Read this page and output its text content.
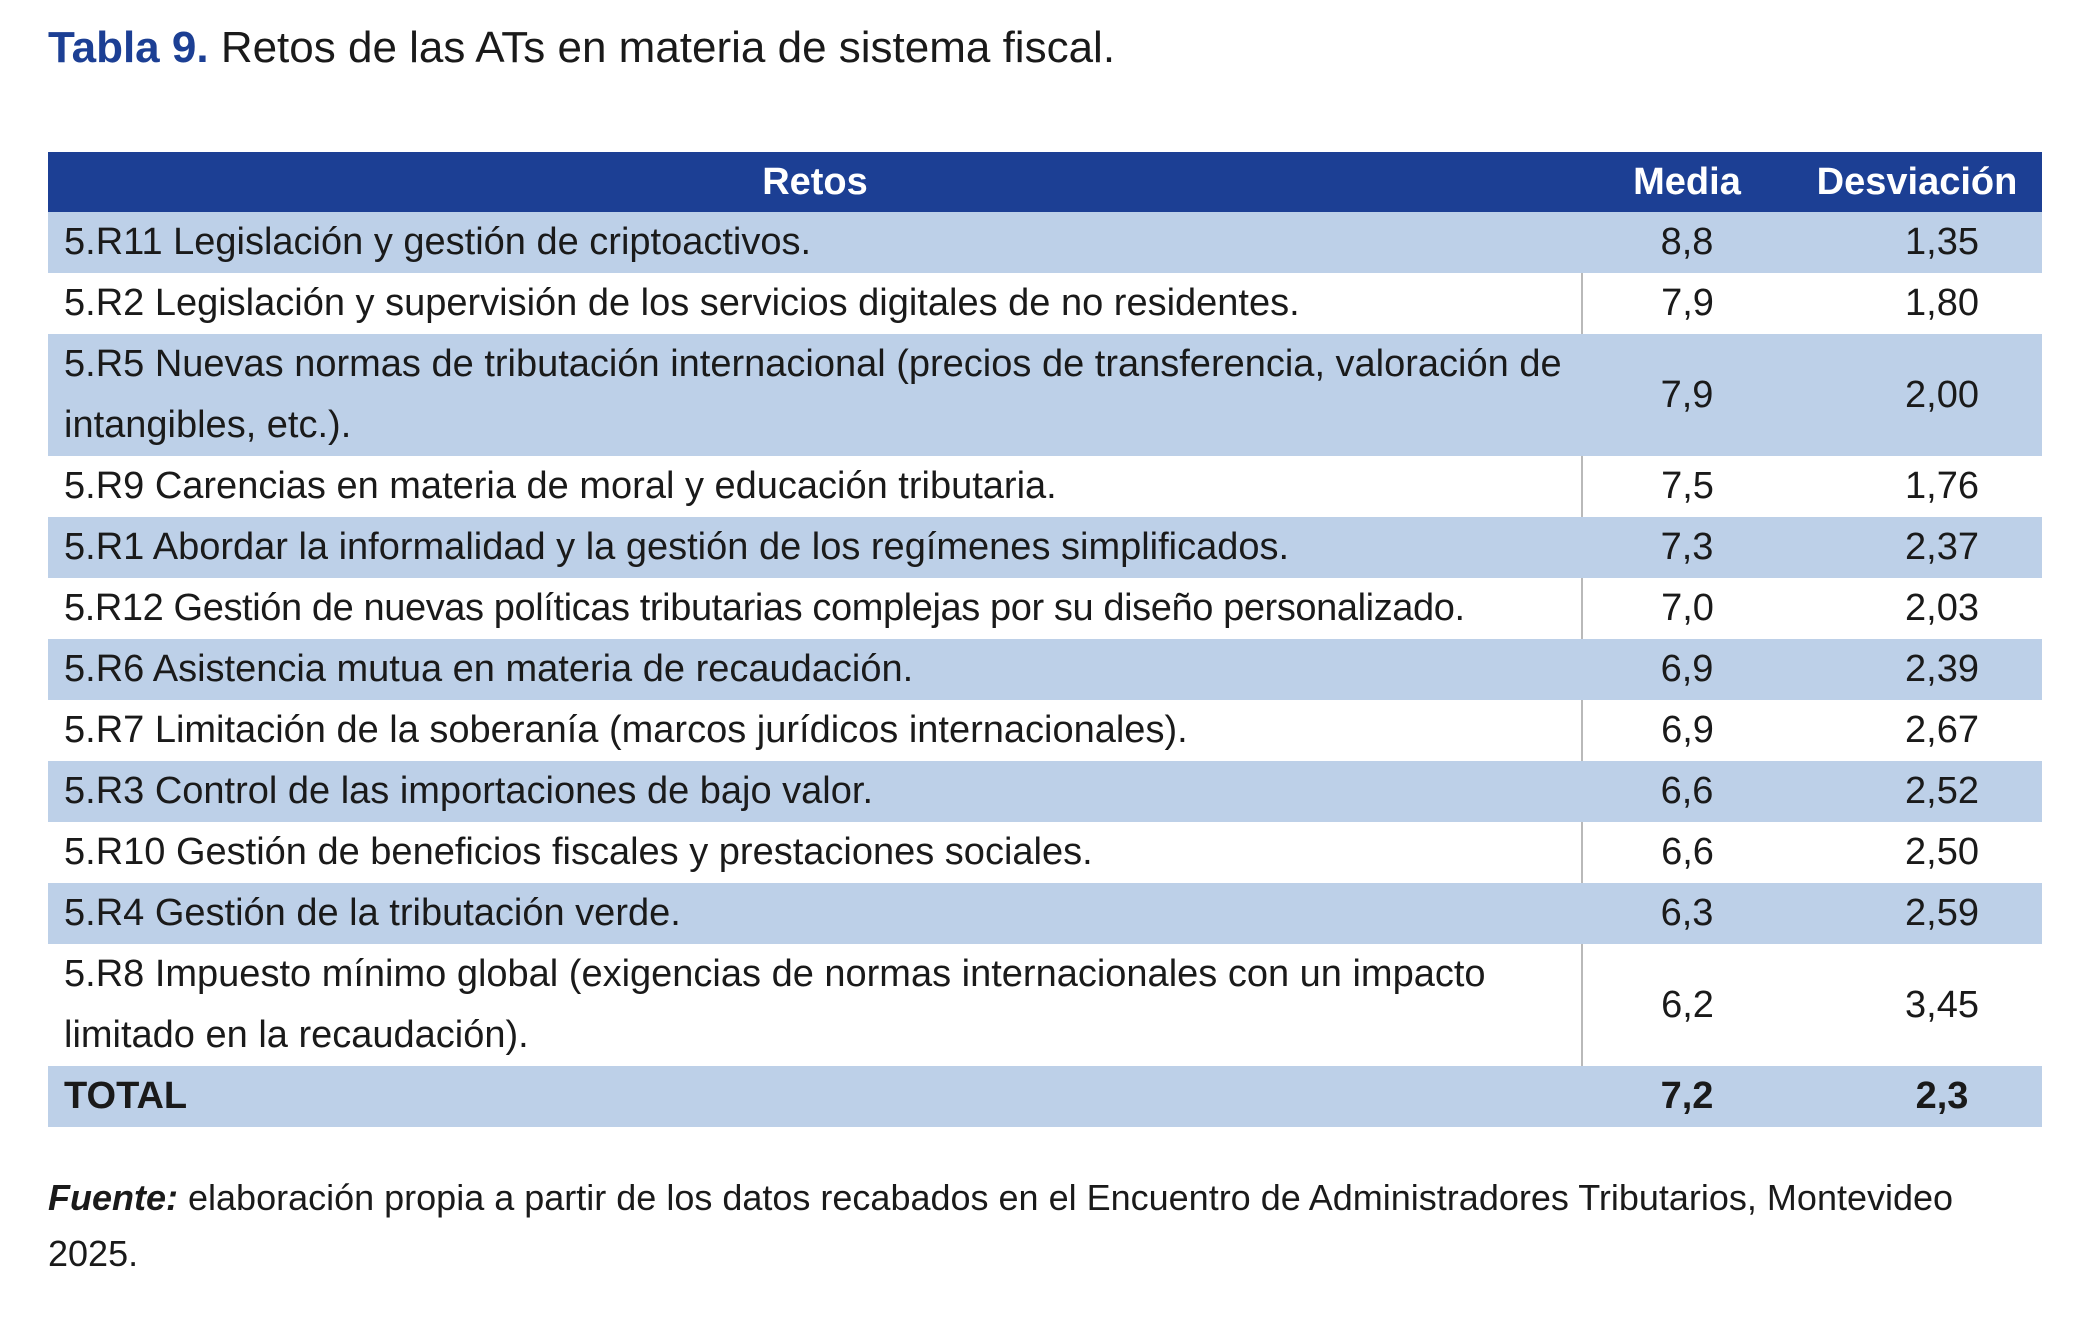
Tabla 9. Retos de las ATs en materia de sistema fiscal.
Retos	Media	Desviación
5.R11 Legislación y gestión de criptoactivos.	8,8	1,35
5.R2 Legislación y supervisión de los servicios digitales de no residentes.	7,9	1,80
5.R5 Nuevas normas de tributación internacional (precios de transferencia, valoración de intangibles, etc.).	7,9	2,00
5.R9 Carencias en materia de moral y educación tributaria.	7,5	1,76
5.R1 Abordar la informalidad y la gestión de los regímenes simplificados.	7,3	2,37
5.R12 Gestión de nuevas políticas tributarias complejas por su diseño personalizado.	7,0	2,03
5.R6 Asistencia mutua en materia de recaudación.	6,9	2,39
5.R7 Limitación de la soberanía (marcos jurídicos internacionales).	6,9	2,67
5.R3 Control de las importaciones de bajo valor.	6,6	2,52
5.R10 Gestión de beneficios fiscales y prestaciones sociales.	6,6	2,50
5.R4 Gestión de la tributación verde.	6,3	2,59
5.R8 Impuesto mínimo global (exigencias de normas internacionales con un impacto limitado en la recaudación).	6,2	3,45
TOTAL	7,2	2,3
Fuente: elaboración propia a partir de los datos recabados en el Encuentro de Administradores Tributarios, Montevideo 2025.
